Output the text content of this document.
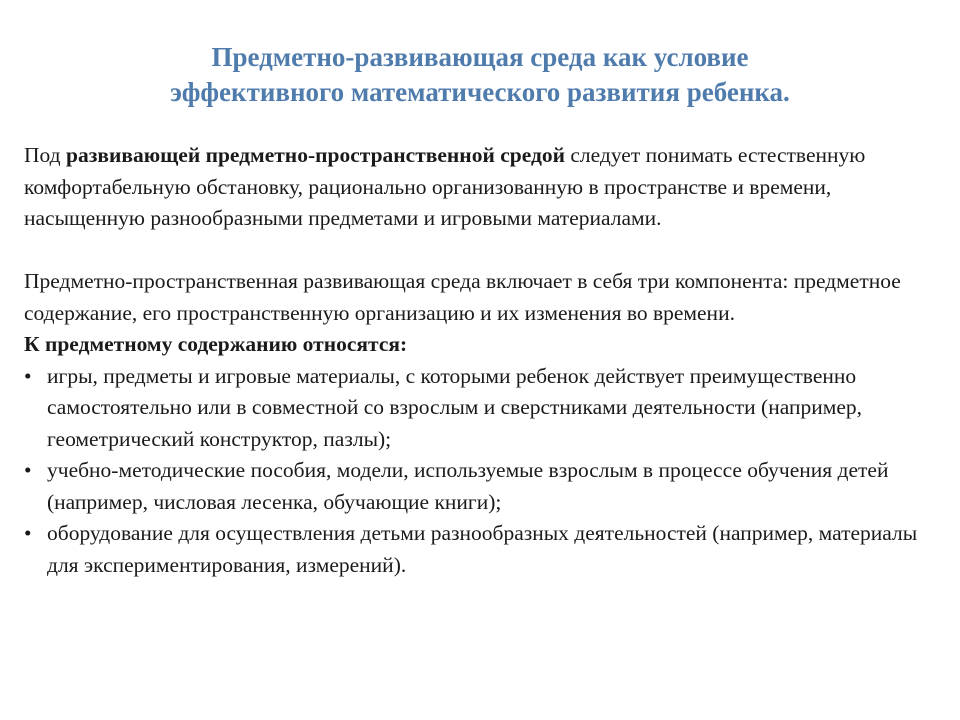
Предметно-развивающая среда как условие
эффективного математического развития ребенка.

Под развивающей предметно-пространственной средой следует понимать естественную комфортабельную обстановку, рационально организованную в пространстве и времени, насыщенную разнообразными предметами и игровыми материалами.

Предметно-пространственная развивающая среда включает в себя три компонента: предметное содержание, его пространственную организацию и их изменения во времени.

К предметному содержанию относятся:

• игры, предметы и игровые материалы, с которыми ребенок действует преимущественно самостоятельно или в совместной со взрослым и сверстниками деятельности (например, геометрический конструктор, пазлы);
• учебно-методические пособия, модели, используемые взрослым в процессе обучения детей (например, числовая лесенка, обучающие книги);
• оборудование для осуществления детьми разнообразных деятельностей (например, материалы для экспериментирования, измерений).
